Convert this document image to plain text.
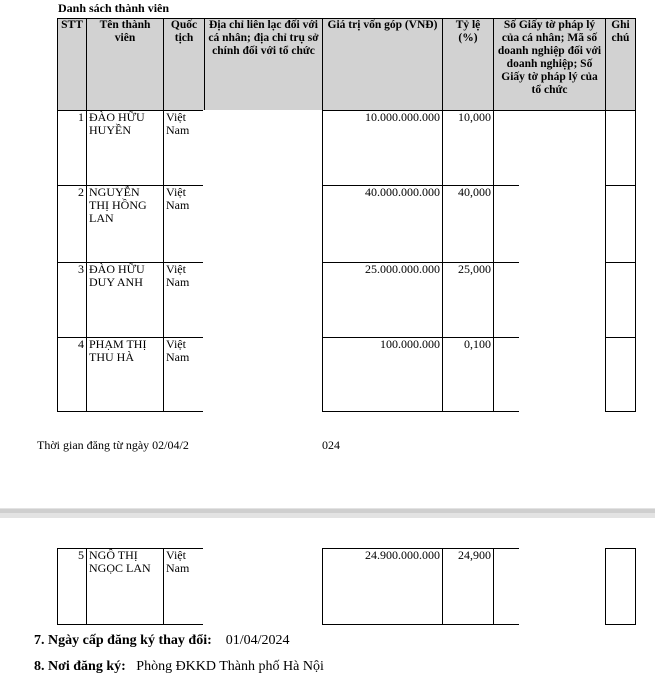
Danh sách thành viên
STT	Tên thành viên	Quốc tịch	Địa chỉ liên lạc đối với cá nhân; địa chỉ trụ sở chính đối với tổ chức	Giá trị vốn góp (VNĐ)	Tỷ lệ (%)	Số Giấy tờ pháp lý của cá nhân; Mã số doanh nghiệp đối với doanh nghiệp; Số Giấy tờ pháp lý của tổ chức	Ghi chú
1	ĐÀO HỮU HUYỀN	Việt Nam		10.000.000.000	10,000		
2	NGUYỄN THỊ HỒNG LAN	Việt Nam		40.000.000.000	40,000		
3	ĐÀO HỮU DUY ANH	Việt Nam		25.000.000.000	25,000		
4	PHẠM THỊ THU HÀ	Việt Nam		100.000.000	0,100		
Thời gian đăng từ ngày 02/04/2	024
5	NGÔ THỊ NGỌC LAN	Việt Nam		24.900.000.000	24,900		
7. Ngày cấp đăng ký thay đổi: 01/04/2024
8. Nơi đăng ký: Phòng ĐKKD Thành phố Hà Nội
